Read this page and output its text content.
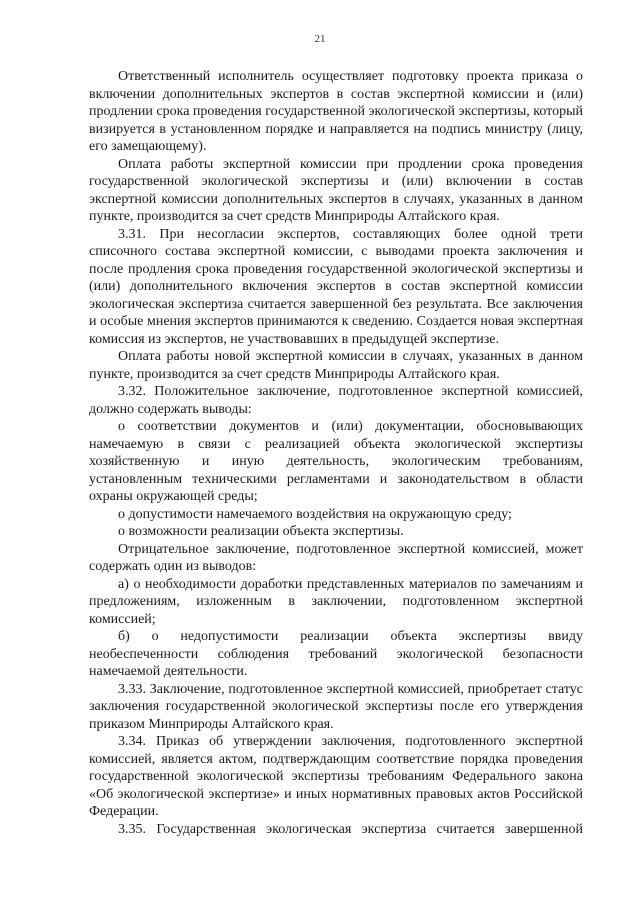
21

Ответственный исполнитель осуществляет подготовку проекта приказа о включении дополнительных экспертов в состав экспертной комиссии и (или) продлении срока проведения государственной экологической экспертизы, который визируется в установленном порядке и направляется на подпись министру (лицу, его замещающему).

Оплата работы экспертной комиссии при продлении срока проведения государственной экологической экспертизы и (или) включении в состав экспертной комиссии дополнительных экспертов в случаях, указанных в данном пункте, производится за счет средств Минприроды Алтайского края.

3.31. При несогласии экспертов, составляющих более одной трети списочного состава экспертной комиссии, с выводами проекта заключения и после продления срока проведения государственной экологической экспертизы и (или) дополнительного включения экспертов в состав экспертной комиссии экологическая экспертиза считается завершенной без результата. Все заключения и особые мнения экспертов принимаются к сведению. Создается новая экспертная комиссия из экспертов, не участвовавших в предыдущей экспертизе.

Оплата работы новой экспертной комиссии в случаях, указанных в данном пункте, производится за счет средств Минприроды Алтайского края.

3.32. Положительное заключение, подготовленное экспертной комиссией, должно содержать выводы:

о соответствии документов и (или) документации, обосновывающих намечаемую в связи с реализацией объекта экологической экспертизы хозяйственную и иную деятельность, экологическим требованиям, установленным техническими регламентами и законодательством в области охраны окружающей среды;

о допустимости намечаемого воздействия на окружающую среду;

о возможности реализации объекта экспертизы.

Отрицательное заключение, подготовленное экспертной комиссией, может содержать один из выводов:

а) о необходимости доработки представленных материалов по замечаниям и предложениям, изложенным в заключении, подготовленном экспертной комиссией;

б) о недопустимости реализации объекта экспертизы ввиду необеспеченности соблюдения требований экологической безопасности намечаемой деятельности.

3.33. Заключение, подготовленное экспертной комиссией, приобретает статус заключения государственной экологической экспертизы после его утверждения приказом Минприроды Алтайского края.

3.34. Приказ об утверждении заключения, подготовленного экспертной комиссией, является актом, подтверждающим соответствие порядка проведения государственной экологической экспертизы требованиям Федерального закона «Об экологической экспертизе» и иных нормативных правовых актов Российской Федерации.

3.35. Государственная экологическая экспертиза считается завершенной
